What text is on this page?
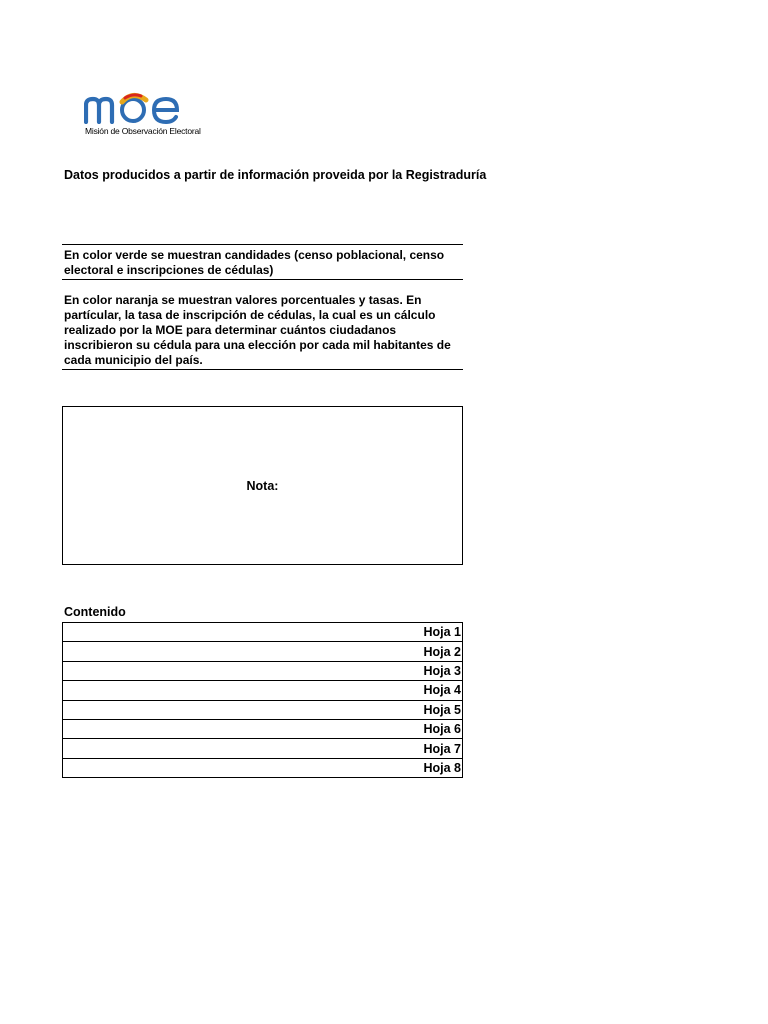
Misión de Observación Electoral
Datos producidos a partir de información proveida por la Registraduría
En color verde se muestran candidades (censo poblacional, censo electoral e inscripciones de cédulas)
En color naranja se muestran valores porcentuales y tasas. En partícular, la tasa de inscripción de cédulas, la cual es un cálculo realizado por la MOE para determinar cuántos ciudadanos inscribieron su cédula para una elección por cada mil habitantes de cada municipio del país.
Nota:
Contenido
Hoja 1
Hoja 2
Hoja 3
Hoja 4
Hoja 5
Hoja 6
Hoja 7
Hoja 8
